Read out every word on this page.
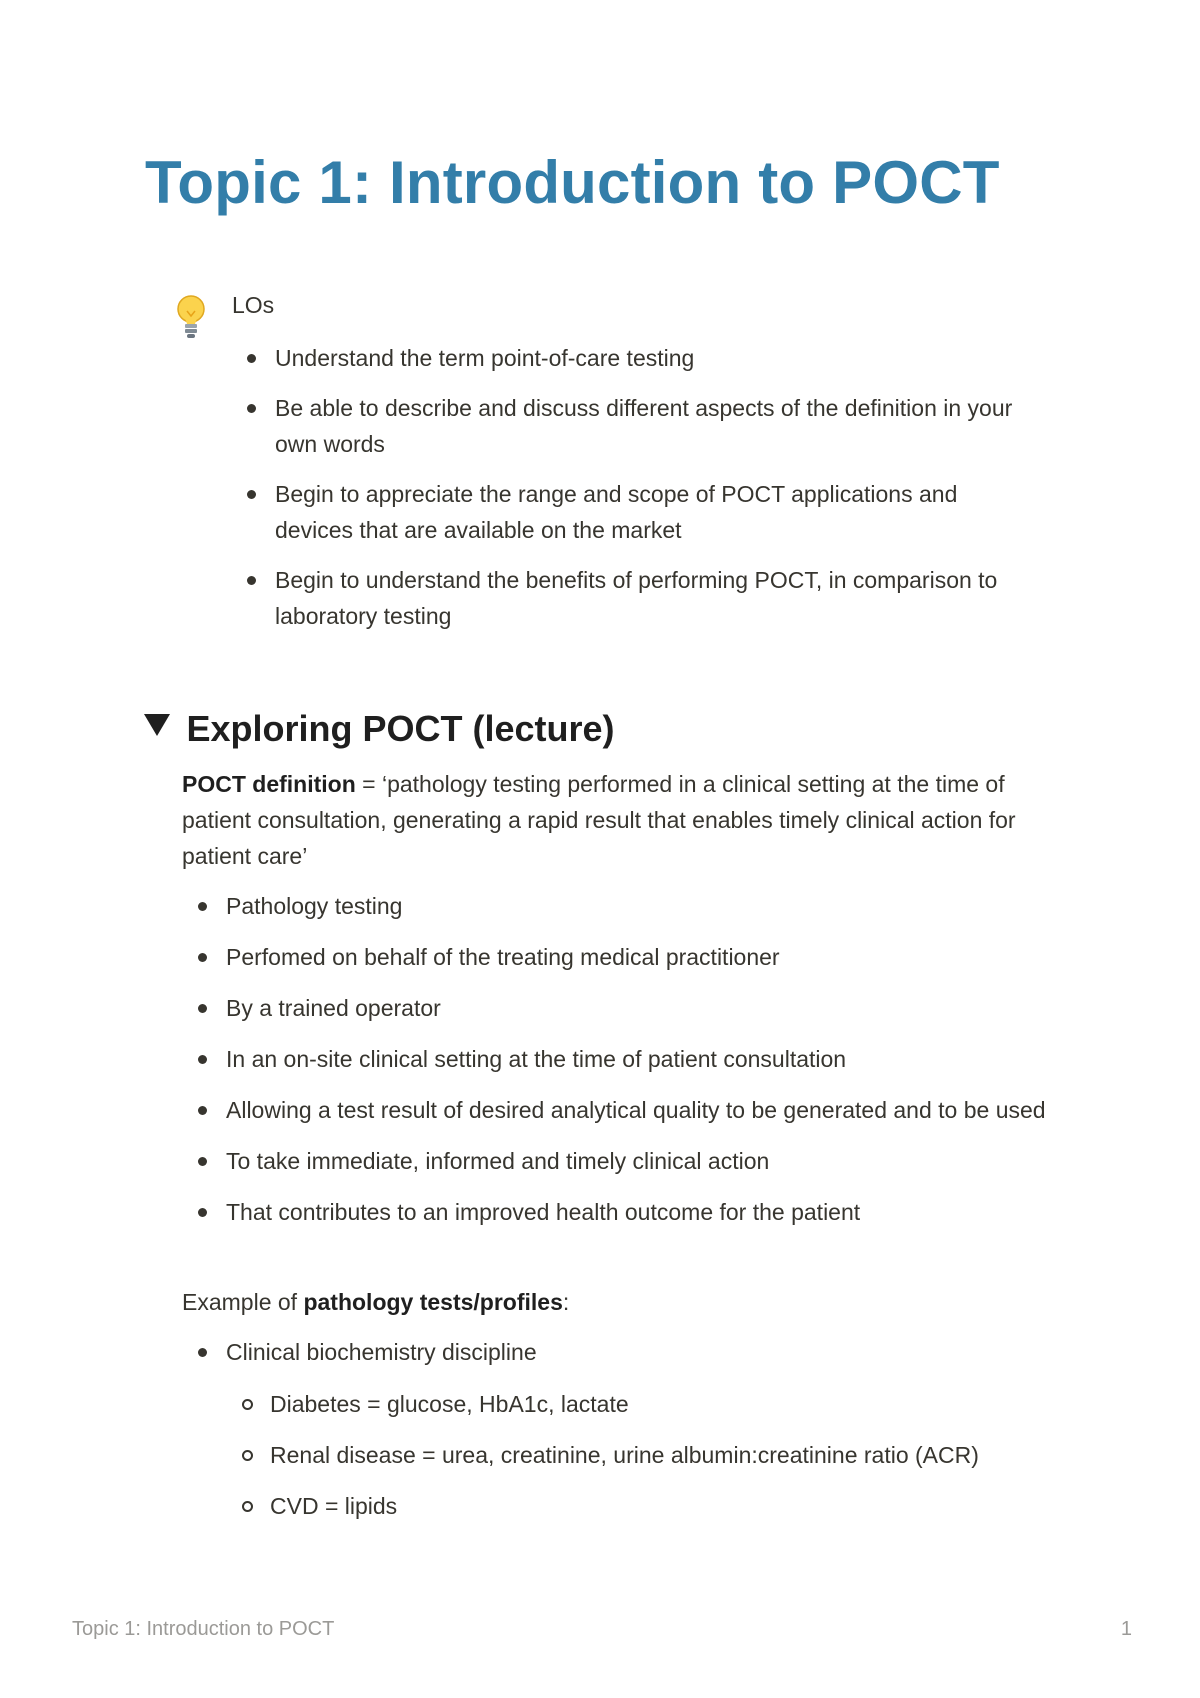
Topic 1: Introduction to POCT

LOs

Understand the term point-of-care testing
Be able to describe and discuss different aspects of the definition in your own words
Begin to appreciate the range and scope of POCT applications and devices that are available on the market
Begin to understand the benefits of performing POCT, in comparison to laboratory testing
Exploring POCT (lecture)

POCT definition = ‘pathology testing performed in a clinical setting at the time of patient consultation, generating a rapid result that enables timely clinical action for patient care’

Pathology testing
Perfomed on behalf of the treating medical practitioner
By a trained operator
In an on-site clinical setting at the time of patient consultation
Allowing a test result of desired analytical quality to be generated and to be used
To take immediate, informed and timely clinical action
That contributes to an improved health outcome for the patient

Example of pathology tests/profiles:

Clinical biochemistry discipline
Diabetes = glucose, HbA1c, lactate
Renal disease = urea, creatinine, urine albumin:creatinine ratio (ACR)
CVD = lipids

Topic 1: Introduction to POCT	1
